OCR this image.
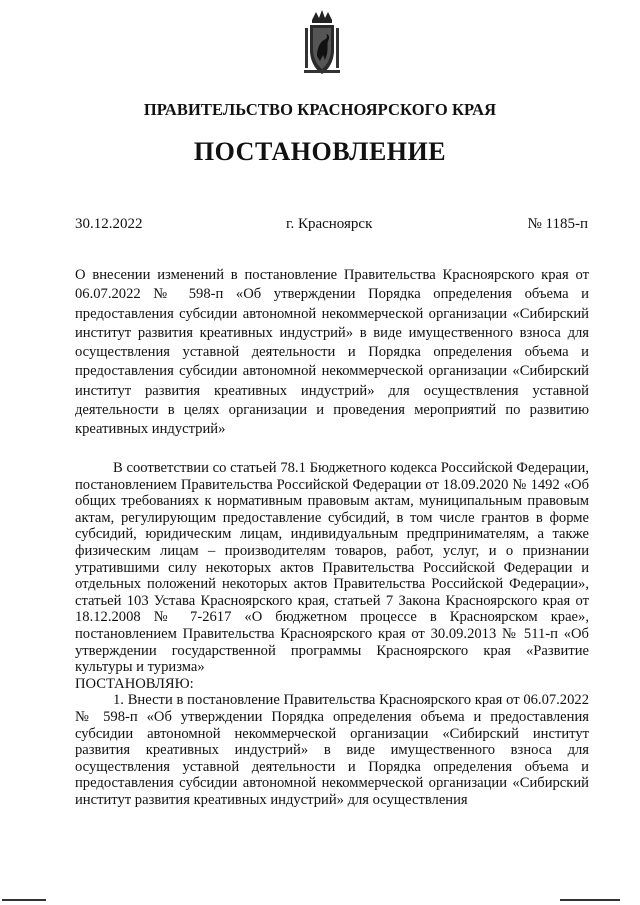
ПРАВИТЕЛЬСТВО КРАСНОЯРСКОГО КРАЯ
ПОСТАНОВЛЕНИЕ
30.12.2022	г. Красноярск	№ 1185-п
О внесении изменений в постановление Правительства Красноярского края от 06.07.2022 № 598-п «Об утверждении Порядка определения объема и предоставления субсидии автономной некоммерческой организации «Сибирский институт развития креативных индустрий» в виде имущественного взноса для осуществления уставной деятельности и Порядка определения объема и предоставления субсидии автономной некоммерческой организации «Сибирский институт развития креативных индустрий» для осуществления уставной деятельности в целях организации и проведения мероприятий по развитию креативных индустрий»

В соответствии со статьей 78.1 Бюджетного кодекса Российской Федерации, постановлением Правительства Российской Федерации от 18.09.2020 № 1492 «Об общих требованиях к нормативным правовым актам, муниципальным правовым актам, регулирующим предоставление субсидий, в том числе грантов в форме субсидий, юридическим лицам, индивидуальным предпринимателям, а также физическим лицам – производителям товаров, работ, услуг, и о признании утратившими силу некоторых актов Правительства Российской Федерации и отдельных положений некоторых актов Правительства Российской Федерации», статьей 103 Устава Красноярского края, статьей 7 Закона Красноярского края от 18.12.2008 № 7-2617 «О бюджетном процессе в Красноярском крае», постановлением Правительства Красноярского края от 30.09.2013 № 511-п «Об утверждении государственной программы Красноярского края «Развитие культуры и туризма»

ПОСТАНОВЛЯЮ:

1. Внести в постановление Правительства Красноярского края от 06.07.2022 № 598-п «Об утверждении Порядка определения объема и предоставления субсидии автономной некоммерческой организации «Сибирский институт развития креативных индустрий» в виде имущественного взноса для осуществления уставной деятельности и Порядка определения объема и предоставления субсидии автономной некоммерческой организации «Сибирский институт развития креативных индустрий» для осуществления
